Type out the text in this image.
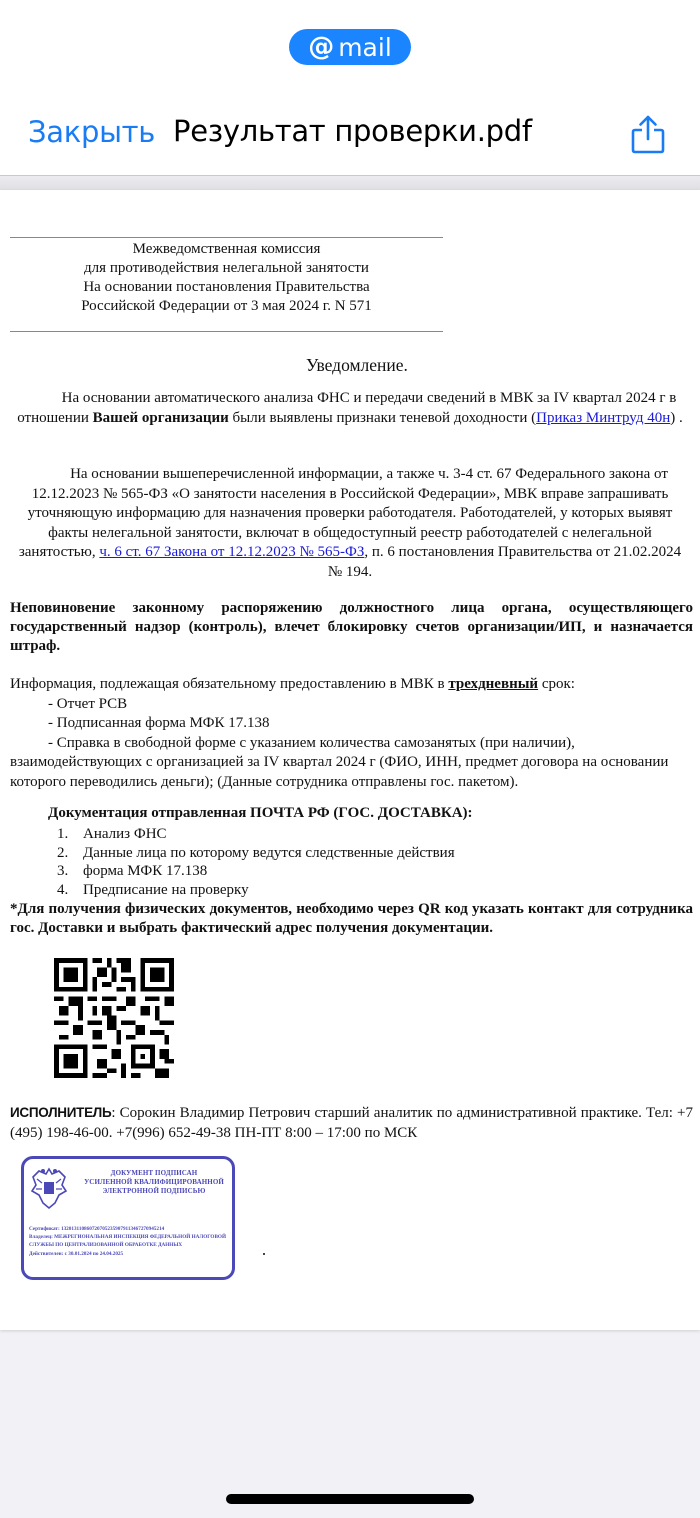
@ mail
Закрыть Результат проверки.pdf
Межведомственная комиссия
для противодействия нелегальной занятости
На основании постановления Правительства
Российской Федерации от 3 мая 2024 г. N 571
Уведомление.
На основании автоматического анализа ФНС и передачи сведений в МВК за IV квартал 2024 г в отношении Вашей организации были выявлены признаки теневой доходности (Приказ Минтруд 40н) .
На основании вышеперечисленной информации, а также ч. 3-4 ст. 67 Федерального закона от 12.12.2023 № 565-ФЗ «О занятости населения в Российской Федерации», МВК вправе запрашивать уточняющую информацию для назначения проверки работодателя. Работодателей, у которых выявят факты нелегальной занятости, включат в общедоступный реестр работодателей с нелегальной занятостью, ч. 6 ст. 67 Закона от 12.12.2023 № 565-ФЗ, п. 6 постановления Правительства от 21.02.2024 № 194.
Неповиновение законному распоряжению должностного лица органа, осуществляющего государственный надзор (контроль), влечет блокировку счетов организации/ИП, и назначается штраф.
Информация, подлежащая обязательному предоставлению в МВК в трехдневный срок:
- Отчет РСВ
- Подписанная форма МФК 17.138
- Справка в свободной форме с указанием количества самозанятых (при наличии),
взаимодействующих с организацией за IV квартал 2024 г (ФИО, ИНН, предмет договора на основании которого переводились деньги); (Данные сотрудника отправлены гос. пакетом).
Документация отправленная ПОЧТА РФ (ГОС. ДОСТАВКА):
1. Анализ ФНС
2. Данные лица по которому ведутся следственные действия
3. форма МФК 17.138
4. Предписание на проверку
*Для получения физических документов, необходимо через QR код указать контакт для сотрудника гос. Доставки и выбрать фактический адрес получения документации.
ИСПОЛНИТЕЛЬ: Сорокин Владимир Петрович старший аналитик по административной практике. Тел: +7 (495) 198-46-00. +7(996) 652-49-38 ПН-ПТ 8:00 – 17:00 по МСК
ДОКУМЕНТ ПОДПИСАН
УСИЛЕННОЙ КВАЛИФИЦИРОВАННОЙ
ЭЛЕКТРОННОЙ ПОДПИСЬЮ
Сертификат: 1320131108607207052359079113467270945214
Владелец: МЕЖРЕГИОНАЛЬНАЯ ИНСПЕКЦИЯ ФЕДЕРАЛЬНОЙ НАЛОГОВОЙ СЛУЖБЫ ПО ЦЕНТРАЛИЗОВАННОЙ ОБРАБОТКЕ ДАННЫХ
Действителен: с 30.01.2024 по 24.04.2025
